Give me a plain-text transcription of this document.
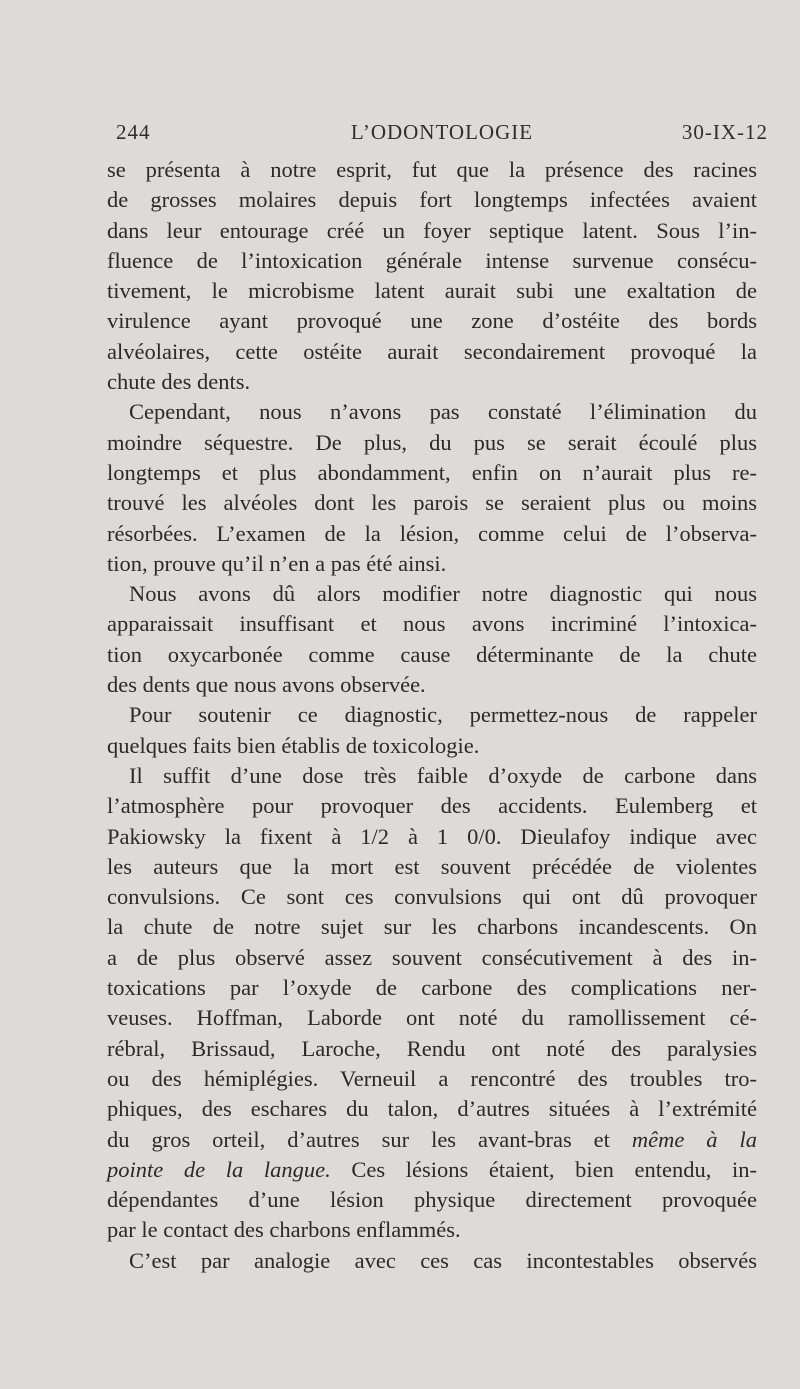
244	L’ODONTOLOGIE	30-IX-12
se présenta à notre esprit, fut que la présence des racines
de grosses molaires depuis fort longtemps infectées avaient
dans leur entourage créé un foyer septique latent. Sous l’in-
fluence de l’intoxication générale intense survenue consécu-
tivement, le microbisme latent aurait subi une exaltation de
virulence ayant provoqué une zone d’ostéite des bords
alvéolaires, cette ostéite aurait secondairement provoqué la
chute des dents.
Cependant, nous n’avons pas constaté l’élimination du
moindre séquestre. De plus, du pus se serait écoulé plus
longtemps et plus abondamment, enfin on n’aurait plus re-
trouvé les alvéoles dont les parois se seraient plus ou moins
résorbées. L’examen de la lésion, comme celui de l’observa-
tion, prouve qu’il n’en a pas été ainsi.
Nous avons dû alors modifier notre diagnostic qui nous
apparaissait insuffisant et nous avons incriminé l’intoxica-
tion oxycarbonée comme cause déterminante de la chute
des dents que nous avons observée.
Pour soutenir ce diagnostic, permettez-nous de rappeler
quelques faits bien établis de toxicologie.
Il suffit d’une dose très faible d’oxyde de carbone dans
l’atmosphère pour provoquer des accidents. Eulemberg et
Pakiowsky la fixent à 1/2 à 1 0/0. Dieulafoy indique avec
les auteurs que la mort est souvent précédée de violentes
convulsions. Ce sont ces convulsions qui ont dû provoquer
la chute de notre sujet sur les charbons incandescents. On
a de plus observé assez souvent consécutivement à des in-
toxications par l’oxyde de carbone des complications ner-
veuses. Hoffman, Laborde ont noté du ramollissement cé-
rébral, Brissaud, Laroche, Rendu ont noté des paralysies
ou des hémiplégies. Verneuil a rencontré des troubles tro-
phiques, des eschares du talon, d’autres situées à l’extrémité
du gros orteil, d’autres sur les avant-bras et même à la
pointe de la langue. Ces lésions étaient, bien entendu, in-
dépendantes d’une lésion physique directement provoquée
par le contact des charbons enflammés.
C’est par analogie avec ces cas incontestables observés
